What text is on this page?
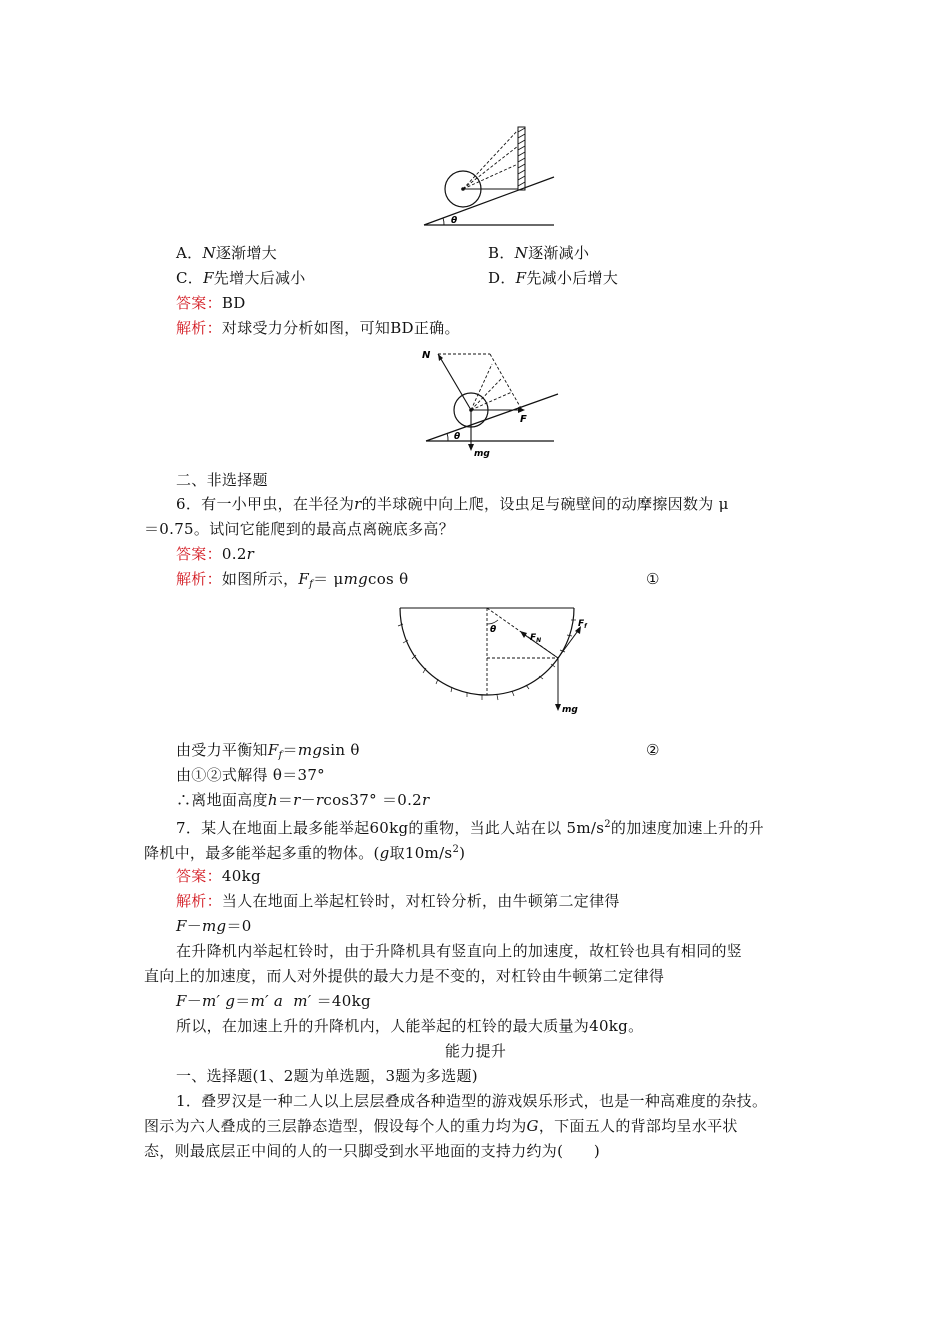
θ
A．N逐渐增大	B．N逐渐减小
C．F先增大后减小	D．F先减小后增大
答案：BD
解析：对球受力分析如图，可知BD正确。
N
F
mg
θ
二、非选择题
6．有一小甲虫，在半径为r的半球碗中向上爬，设虫足与碗壁间的动摩擦因数为 μ
＝0.75。试问它能爬到的最高点离碗底多高？
答案：0.2r
解析：如图所示，$F_f= \mu mgcos$ θ	①
θ
$F_N$
$F_f$
mg
由受力平衡知$F_f=mgsin$ θ	②
由①②式解得 θ＝37°
∴离地面高度h＝r－rcos37° ＝0.2r
7．某人在地面上最多能举起60kg的重物，当此人站在以 $5m/s^2$的加速度加速上升的升
降机中，最多能举起多重的物体。(g取$10m/s^2$)
答案：40kg
解析：当人在地面上举起杠铃时，对杠铃分析，由牛顿第二定律得
F－mg＝0
在升降机内举起杠铃时，由于升降机具有竖直向上的加速度，故杠铃也具有相同的竖
直向上的加速度，而人对外提供的最大力是不变的，对杠铃由牛顿第二定律得
F－m′ g＝m′ a m′ ＝40kg
所以，在加速上升的升降机内，人能举起的杠铃的最大质量为40kg。
能力提升
一、选择题(1、2题为单选题，3题为多选题)
1．叠罗汉是一种二人以上层层叠成各种造型的游戏娱乐形式，也是一种高难度的杂技。
图示为六人叠成的三层静态造型，假设每个人的重力均为G，下面五人的背部均呈水平状
态，则最底层正中间的人的一只脚受到水平地面的支持力约为(　　)
